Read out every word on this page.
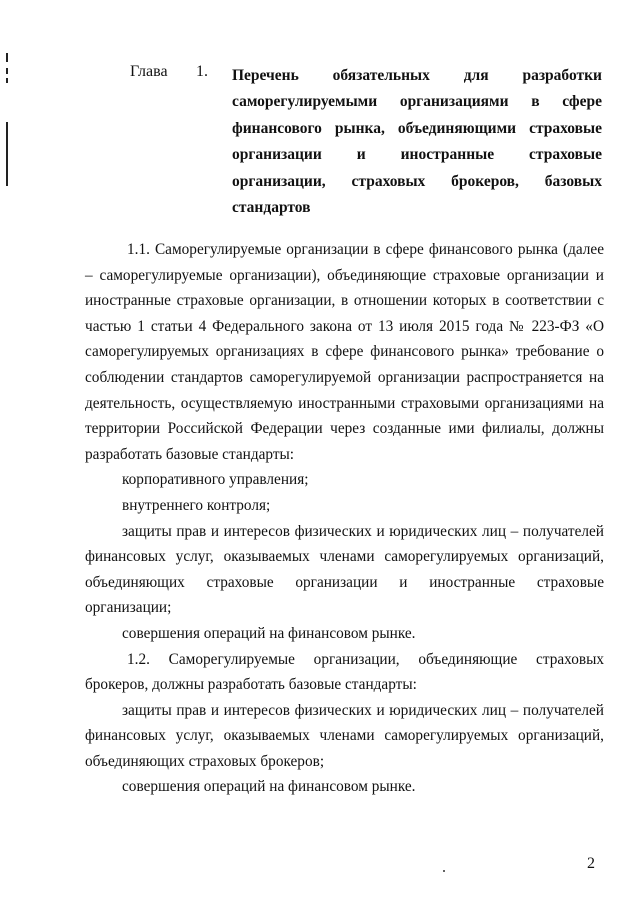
Глава 1. Перечень обязательных для разработки саморегулируемыми организациями в сфере финансового рынка, объединяющими страховые организации и иностранные страховые организации, страховых брокеров, базовых стандартов

1.1. Саморегулируемые организации в сфере финансового рынка (далее – саморегулируемые организации), объединяющие страховые организации и иностранные страховые организации, в отношении которых в соответствии с частью 1 статьи 4 Федерального закона от 13 июля 2015 года № 223-ФЗ «О саморегулируемых организациях в сфере финансового рынка» требование о соблюдении стандартов саморегулируемой организации распространяется на деятельность, осуществляемую иностранными страховыми организациями на территории Российской Федерации через созданные ими филиалы, должны разработать базовые стандарты:

корпоративного управления;

внутреннего контроля;

защиты прав и интересов физических и юридических лиц – получателей финансовых услуг, оказываемых членами саморегулируемых организаций, объединяющих страховые организации и иностранные страховые организации;

совершения операций на финансовом рынке.

1.2. Саморегулируемые организации, объединяющие страховых брокеров, должны разработать базовые стандарты:

защиты прав и интересов физических и юридических лиц – получателей финансовых услуг, оказываемых членами саморегулируемых организаций, объединяющих страховых брокеров;

совершения операций на финансовом рынке.

2
